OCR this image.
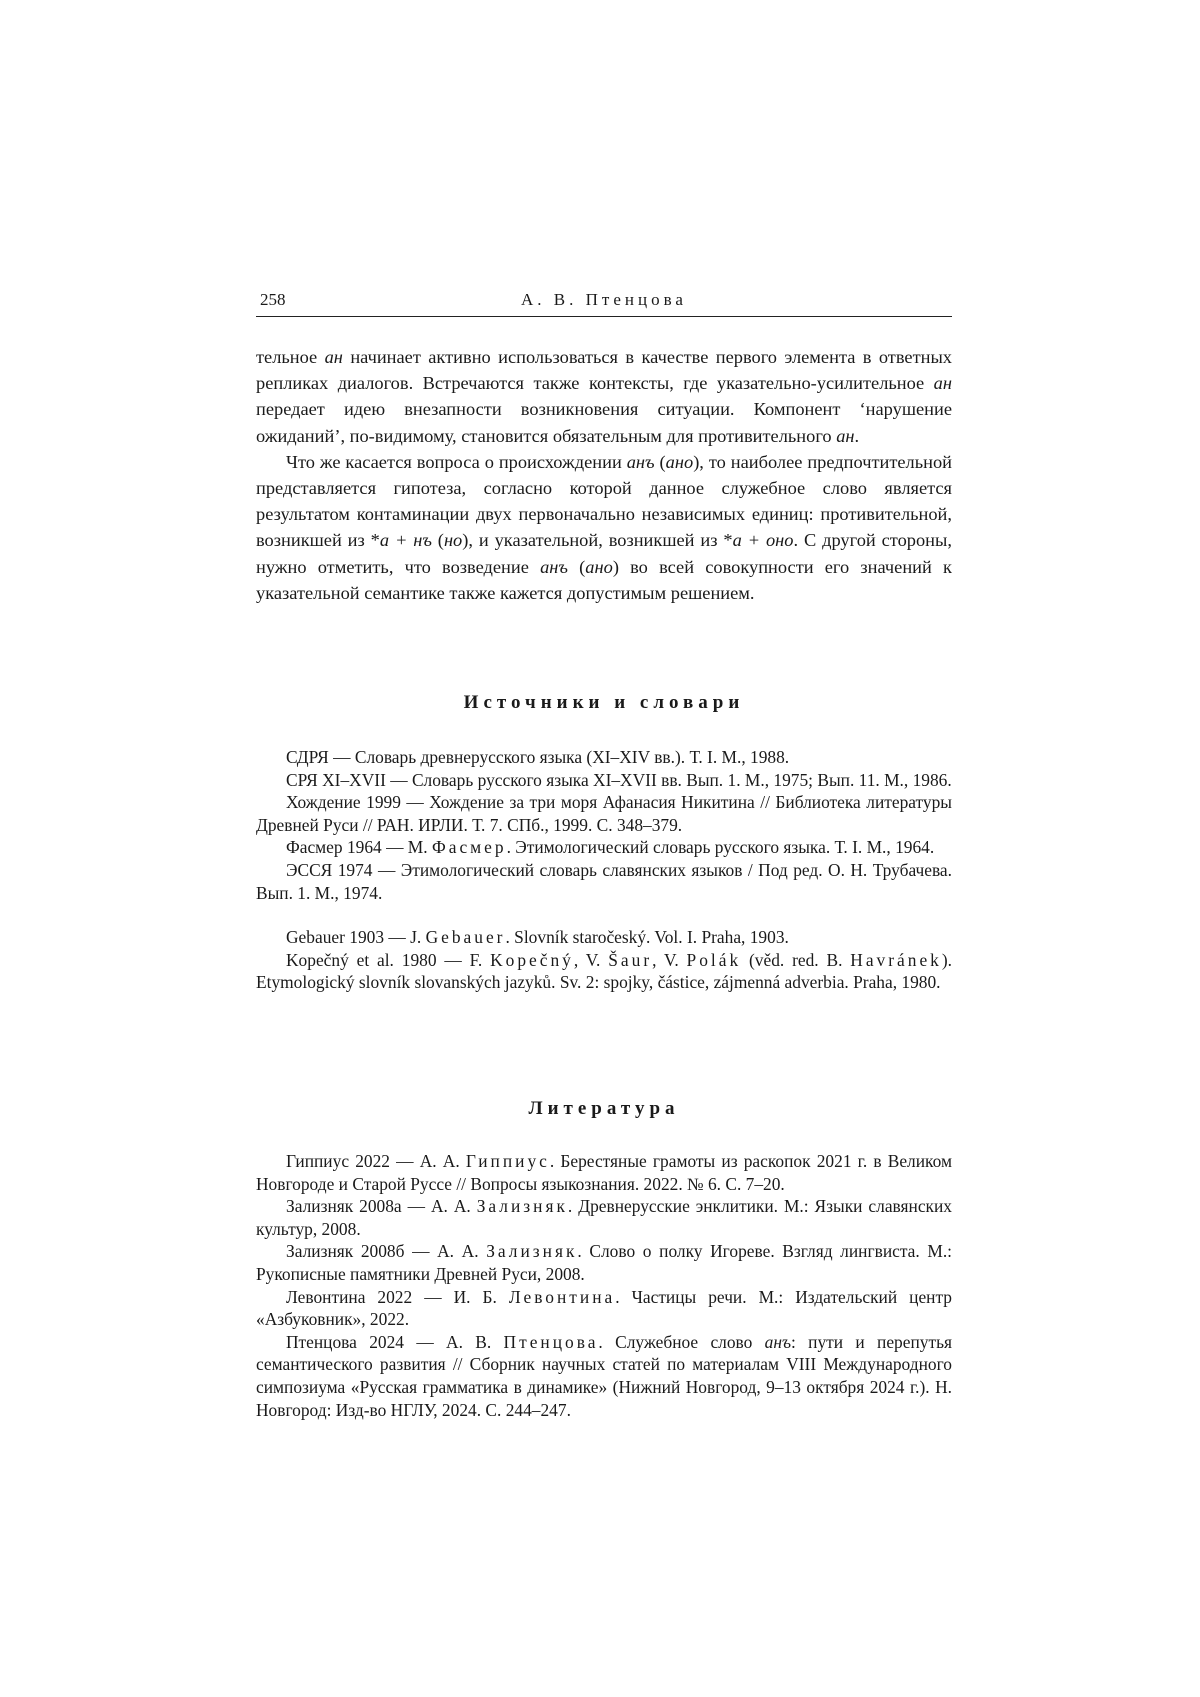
258	А. В. Птенцова

тельное ан начинает активно использоваться в качестве первого элемента в ответных репликах диалогов. Встречаются также контексты, где указательно-усилительное ан передает идею внезапности возникновения ситуации. Компонент ‘нарушение ожиданий’, по-видимому, становится обязательным для противительного ан.

Что же касается вопроса о происхождении анъ (ано), то наиболее предпочтительной представляется гипотеза, согласно которой данное служебное слово является результатом контаминации двух первоначально независимых единиц: противительной, возникшей из *а + нъ (но), и указательной, возникшей из *а + оно. С другой стороны, нужно отметить, что возведение анъ (ано) во всей совокупности его значений к указательной семантике также кажется допустимым решением.

Источники и словари

СДРЯ — Словарь древнерусского языка (XI–XIV вв.). Т. I. М., 1988.

СРЯ XI–XVII — Словарь русского языка XI–XVII вв. Вып. 1. М., 1975; Вып. 11. М., 1986.

Хождение 1999 — Хождение за три моря Афанасия Никитина // Библиотека литературы Древней Руси // РАН. ИРЛИ. Т. 7. СПб., 1999. С. 348–379.

Фасмер 1964 — М. Фасмер. Этимологический словарь русского языка. Т. I. М., 1964.

ЭССЯ 1974 — Этимологический словарь славянских языков / Под ред. О. Н. Трубачева. Вып. 1. М., 1974.

Gebauer 1903 — J. Gebauer. Slovník staročeský. Vol. I. Praha, 1903.

Kopečný et al. 1980 — F. Kopečný, V. Šaur, V. Polák (věd. red. B. Havránek). Etymologický slovník slovanských jazyků. Sv. 2: spojky, částice, zájmenná adverbia. Praha, 1980.

Литература

Гиппиус 2022 — А. А. Гиппиус. Берестяные грамоты из раскопок 2021 г. в Великом Новгороде и Старой Руссе // Вопросы языкознания. 2022. № 6. С. 7–20.

Зализняк 2008а — А. А. Зализняк. Древнерусские энклитики. М.: Языки славянских культур, 2008.

Зализняк 2008б — А. А. Зализняк. Слово о полку Игореве. Взгляд лингвиста. М.: Рукописные памятники Древней Руси, 2008.

Левонтина 2022 — И. Б. Левонтина. Частицы речи. М.: Издательский центр «Азбуковник», 2022.

Птенцова 2024 — А. В. Птенцова. Служебное слово анъ: пути и перепутья семантического развития // Сборник научных статей по материалам VIII Международного симпозиума «Русская грамматика в динамике» (Нижний Новгород, 9–13 октября 2024 г.). Н. Новгород: Изд-во НГЛУ, 2024. С. 244–247.
